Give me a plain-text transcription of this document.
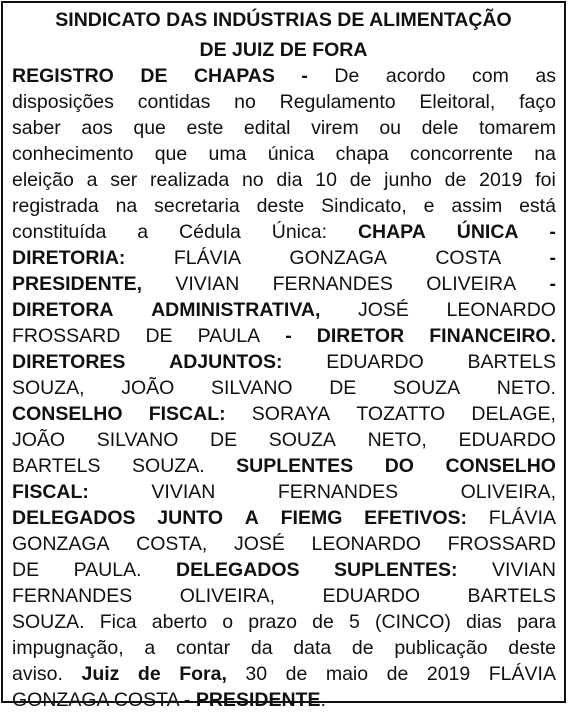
SINDICATO DAS INDÚSTRIAS DE ALIMENTAÇÃO
DE JUIZ DE FORA
REGISTRO DE CHAPAS - De acordo com as
disposições contidas no Regulamento Eleitoral, faço
saber aos que este edital virem ou dele tomarem
conhecimento que uma única chapa concorrente na
eleição a ser realizada no dia 10 de junho de 2019 foi
registrada na secretaria deste Sindicato, e assim está
constituída a Cédula Única: CHAPA ÚNICA -
DIRETORIA: FLÁVIA GONZAGA COSTA -
PRESIDENTE, VIVIAN FERNANDES OLIVEIRA -
DIRETORA ADMINISTRATIVA, JOSÉ LEONARDO
FROSSARD DE PAULA - DIRETOR FINANCEIRO.
DIRETORES ADJUNTOS: EDUARDO BARTELS
SOUZA, JOÃO SILVANO DE SOUZA NETO.
CONSELHO FISCAL: SORAYA TOZATTO DELAGE,
JOÃO SILVANO DE SOUZA NETO, EDUARDO
BARTELS SOUZA. SUPLENTES DO CONSELHO
FISCAL:	VIVIAN	FERNANDES	OLIVEIRA,
DELEGADOS JUNTO A FIEMG EFETIVOS: FLÁVIA
GONZAGA COSTA, JOSÉ LEONARDO FROSSARD
DE PAULA. DELEGADOS SUPLENTES: VIVIAN
FERNANDES OLIVEIRA, EDUARDO BARTELS
SOUZA. Fica aberto o prazo de 5 (CINCO) dias para
impugnação, a contar da data de publicação deste
aviso. Juiz de Fora, 30 de maio de 2019 FLÁVIA
GONZAGA COSTA - PRESIDENTE .
